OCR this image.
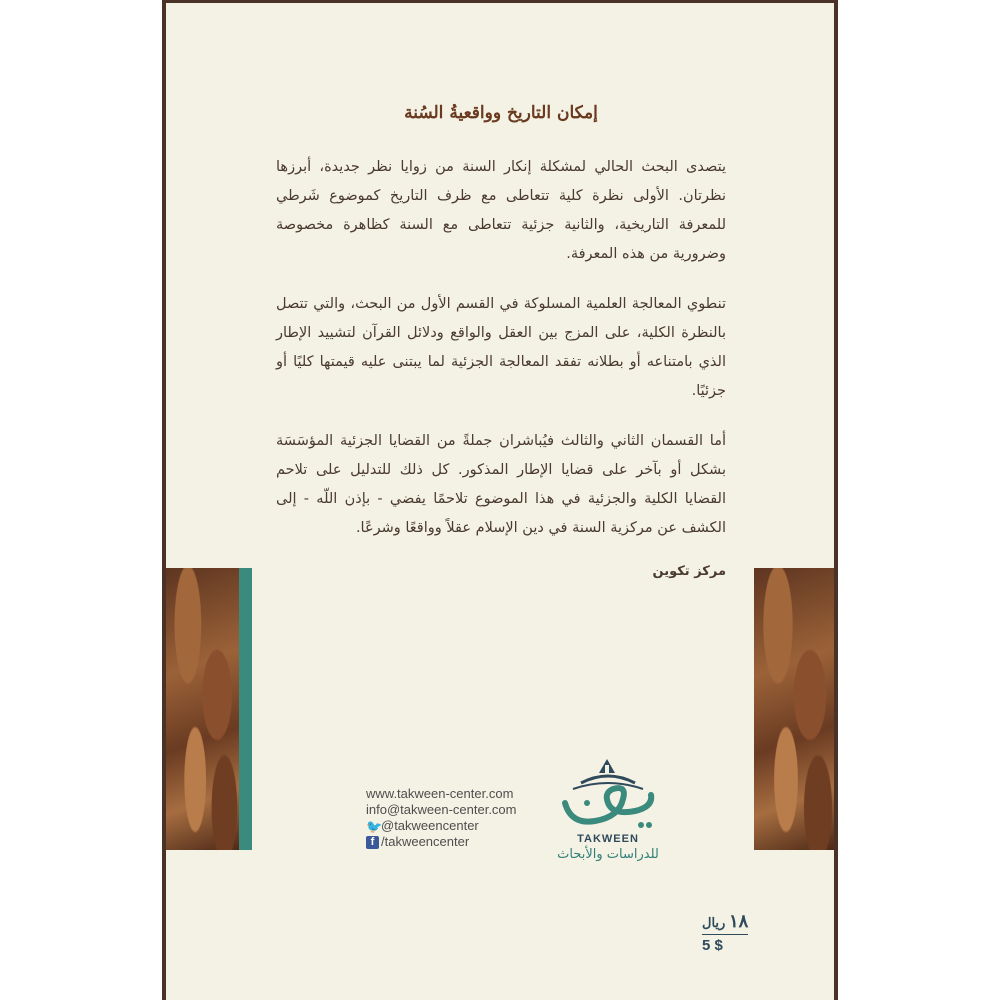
إمكان التاريخ وواقعيةُ السُنة

يتصدى البحث الحالي لمشكلة إنكار السنة من زوايا نظر جديدة، أبرزها نظرتان. الأولى نظرة كلية تتعاطى مع ظرف التاريخ كموضوع شَرطي للمعرفة التاريخية، والثانية جزئية تتعاطى مع السنة كظاهرة مخصوصة وضرورية من هذه المعرفة.

تنطوي المعالجة العلمية المسلوكة في القسم الأول من البحث، والتي تتصل بالنظرة الكلية، على المزج بين العقل والواقع ودلائل القرآن لتشييد الإطار الذي بامتناعه أو بطلانه تفقد المعالجة الجزئية لما يبتنى عليه قيمتها كليًا أو جزئيًا.

أما القسمان الثاني والثالث فيُباشران جملةً من القضايا الجزئية المؤسَسَة بشكل أو بآخر على قضايا الإطار المذكور. كل ذلك للتدليل على تلاحم القضايا الكلية والجزئية في هذا الموضوع تلاحمًا يفضي - بإذن اللّه - إلى الكشف عن مركزية السنة في دين الإسلام عقلاً وواقعًا وشرعًا.

مركز تكوين
www.takween-center.com
info@takween-center.com
🐦
@takweencenter
f /takweencenter	TAKWEEN
للدراسات والأبحاث
١٨ ريال
5 $
